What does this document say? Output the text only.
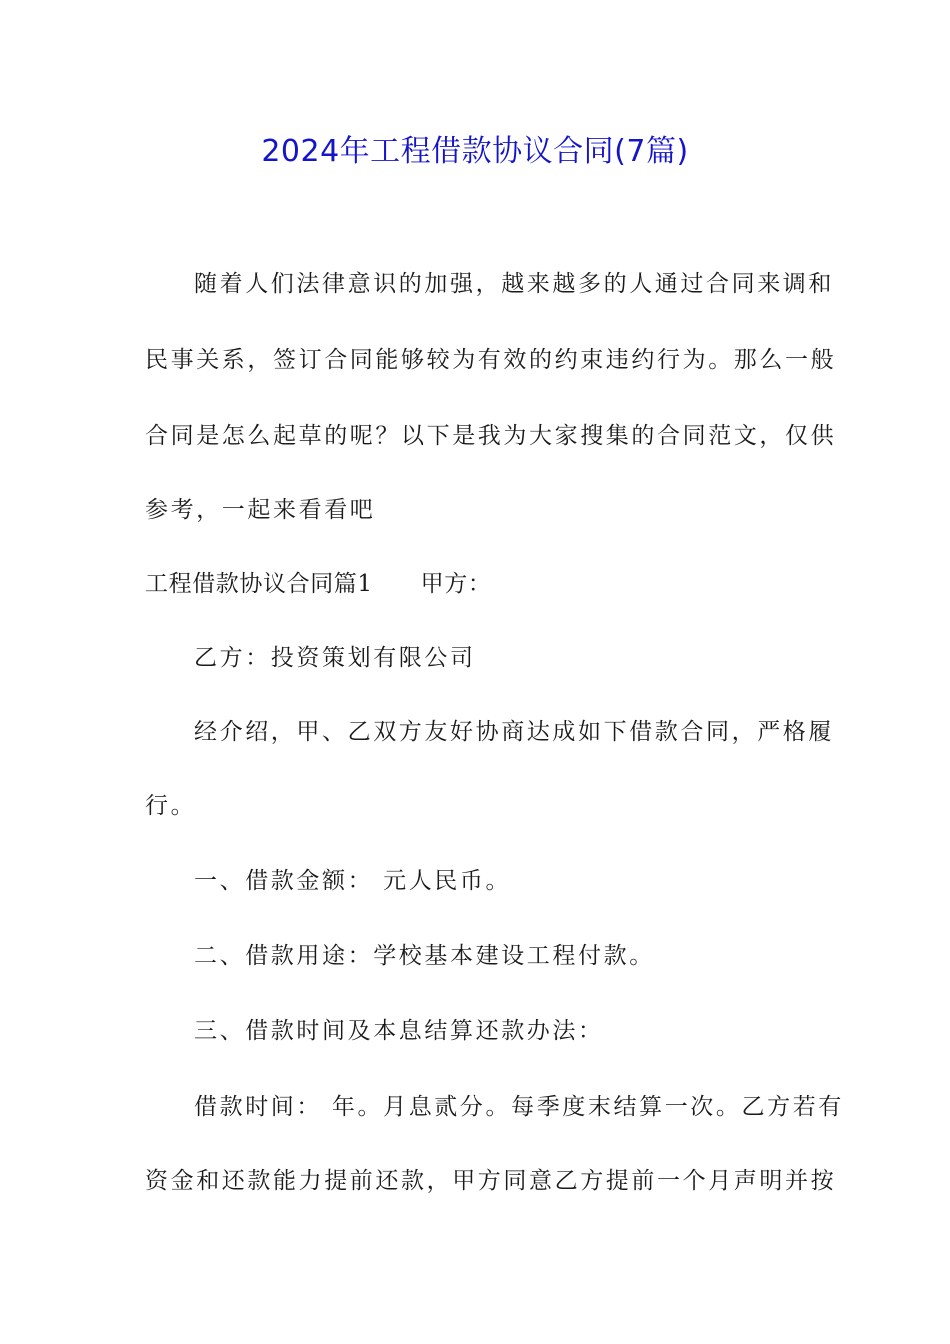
2024年工程借款协议合同(7篇)
随着人们法律意识的加强，越来越多的人通过合同来调和
民事关系，签订合同能够较为有效的约束违约行为。那么一般
合同是怎么起草的呢？以下是我为大家搜集的合同范文，仅供
参考，一起来看看吧
工程借款协议合同篇1 甲方：
乙方：投资策划有限公司
经介绍，甲、乙双方友好协商达成如下借款合同，严格履
行。
一、借款金额： 元人民币。
二、借款用途：学校基本建设工程付款。
三、借款时间及本息结算还款办法：
借款时间： 年。月息贰分。每季度末结算一次。乙方若有
资金和还款能力提前还款，甲方同意乙方提前一个月声明并按
